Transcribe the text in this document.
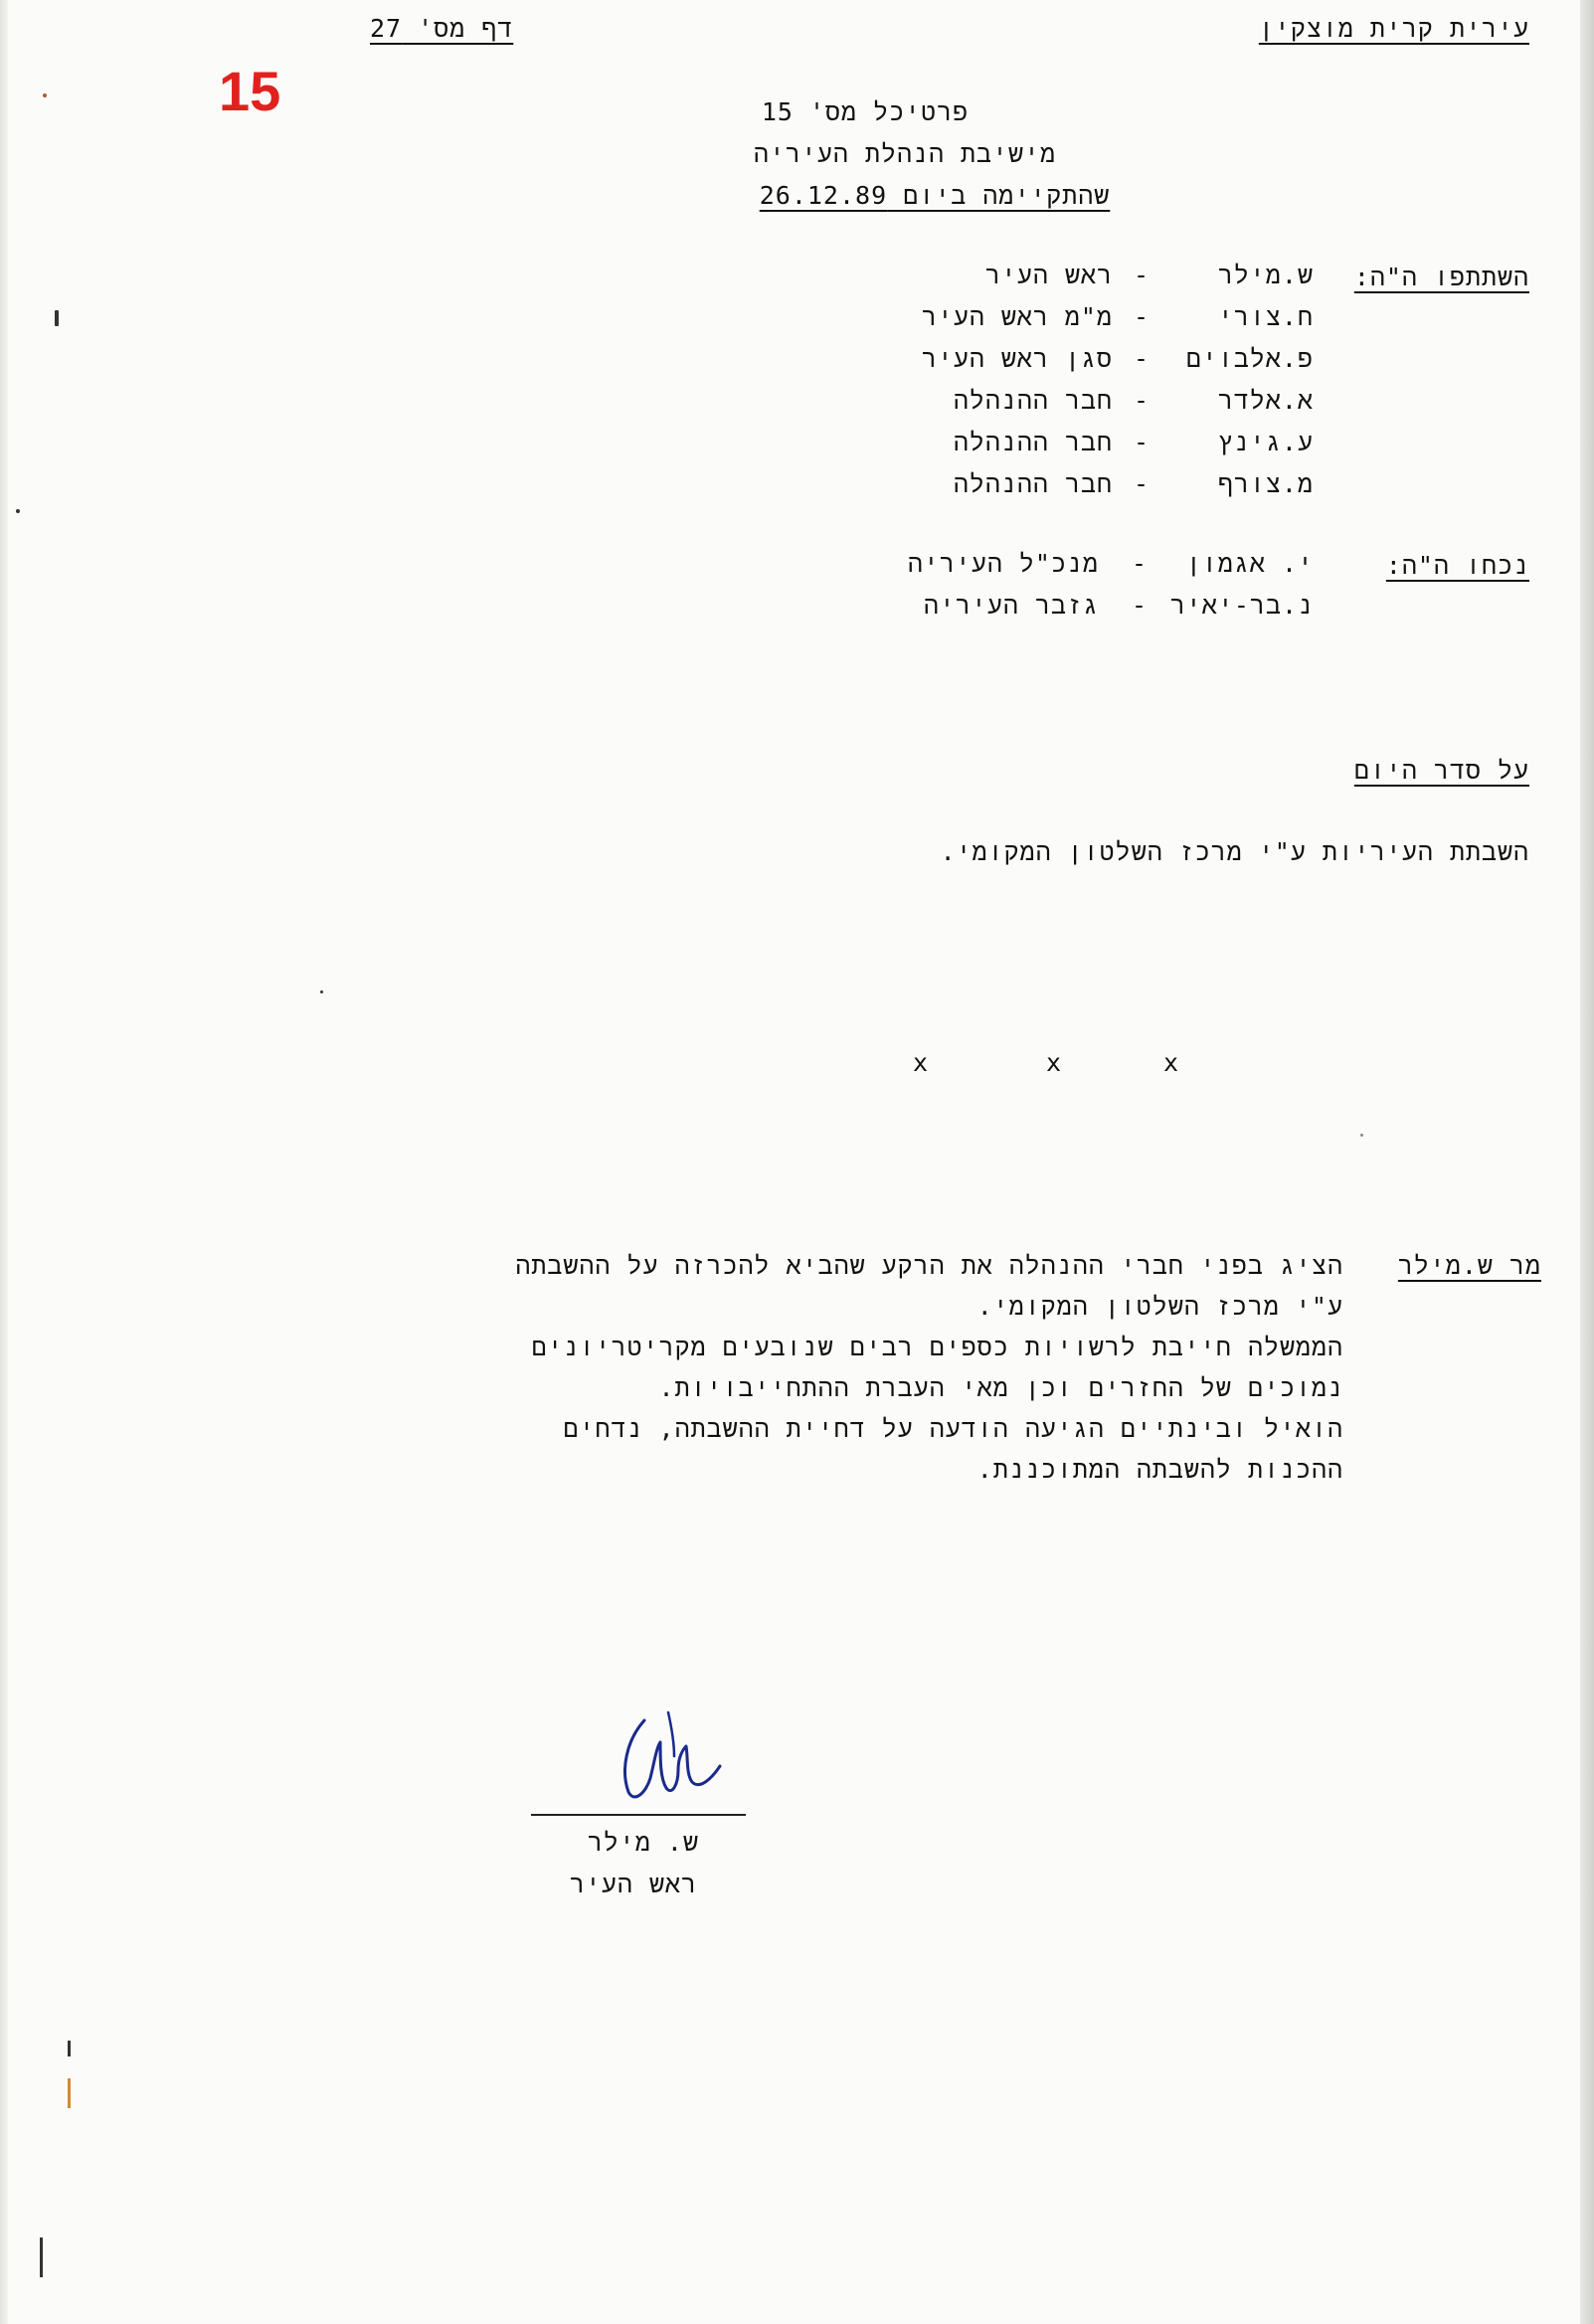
עירית קרית מוצקין
דף מס' 27
15	פרטיכל מס' 15
מישיבת הנהלת העיריה
שהתקיימה ביום 26.12.89
השתתפו ה"ה:
ש.מילר
-
ראש העיר
ח.צורי
-
מ"מ ראש העיר
פ.אלבוים
-
סגן ראש העיר
א.אלדר
-
חבר ההנהלה
ע.גינץ
-
חבר ההנהלה
מ.צורף
-
חבר ההנהלה
נכחו ה"ה:
י. אגמון
-
מנכ"ל העיריה
נ.בר-יאיר
-
גזבר העיריה
על סדר היום
השבתת העיריות ע"י מרכז השלטון המקומי.
x
x
x
מר ש.מילר
הציג בפני חברי ההנהלה את הרקע שהביא להכרזה על ההשבתה
ע"י מרכז השלטון המקומי.
הממשלה חייבת לרשויות כספים רבים שנובעים מקריטריונים
נמוכים של החזרים וכן מאי העברת ההתחייבויות.
הואיל ובינתיים הגיעה הודעה על דחיית ההשבתה, נדחים
ההכנות להשבתה המתוכננת.
ש. מילר
ראש העיר
